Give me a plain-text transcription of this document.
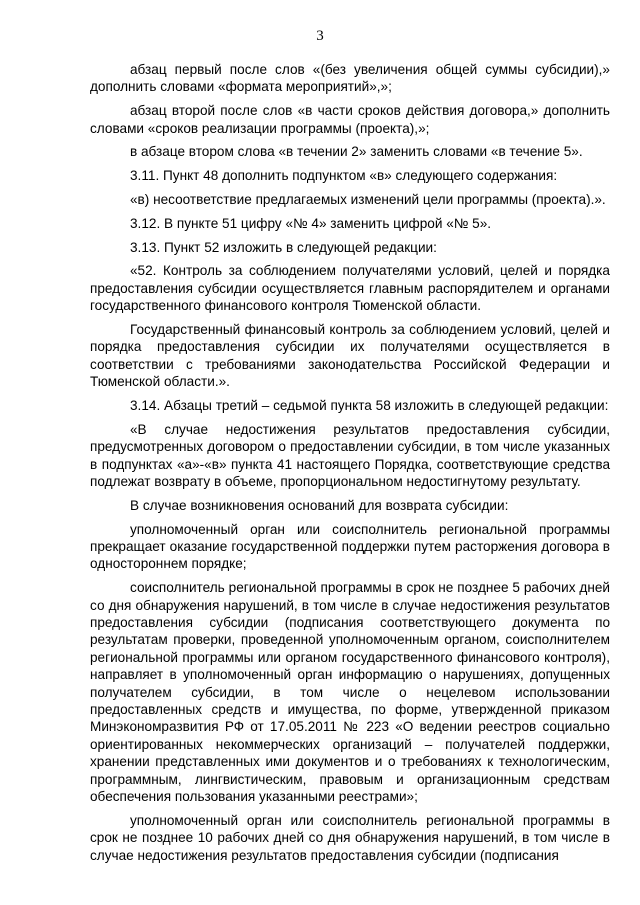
3

абзац первый после слов «(без увеличения общей суммы субсидии),» дополнить словами «формата мероприятий»,»;

абзац второй после слов «в части сроков действия договора,» дополнить словами «сроков реализации программы (проекта),»;

в абзаце втором слова «в течении 2» заменить словами «в течение 5».

3.11. Пункт 48 дополнить подпунктом «в» следующего содержания:

«в) несоответствие предлагаемых изменений цели программы (проекта).».

3.12. В пункте 51 цифру «№ 4» заменить цифрой «№ 5».

3.13. Пункт 52 изложить в следующей редакции:

«52. Контроль за соблюдением получателями условий, целей и порядка предоставления субсидии осуществляется главным распорядителем и органами государственного финансового контроля Тюменской области.

Государственный финансовый контроль за соблюдением условий, целей и порядка предоставления субсидии их получателями осуществляется в соответствии с требованиями законодательства Российской Федерации и Тюменской области.».

3.14. Абзацы третий – седьмой пункта 58 изложить в следующей редакции:

«В случае недостижения результатов предоставления субсидии, предусмотренных договором о предоставлении субсидии, в том числе указанных в подпунктах «а»-«в» пункта 41 настоящего Порядка, соответствующие средства подлежат возврату в объеме, пропорциональном недостигнутому результату.

В случае возникновения оснований для возврата субсидии:

уполномоченный орган или соисполнитель региональной программы прекращает оказание государственной поддержки путем расторжения договора в одностороннем порядке;

соисполнитель региональной программы в срок не позднее 5 рабочих дней со дня обнаружения нарушений, в том числе в случае недостижения результатов предоставления субсидии (подписания соответствующего документа по результатам проверки, проведенной уполномоченным органом, соисполнителем региональной программы или органом государственного финансового контроля), направляет в уполномоченный орган информацию о нарушениях, допущенных получателем субсидии, в том числе о нецелевом использовании предоставленных средств и имущества, по форме, утвержденной приказом Минэкономразвития РФ от 17.05.2011 № 223 «О ведении реестров социально ориентированных некоммерческих организаций – получателей поддержки, хранении представленных ими документов и о требованиях к технологическим, программным, лингвистическим, правовым и организационным средствам обеспечения пользования указанными реестрами»;

уполномоченный орган или соисполнитель региональной программы в срок не позднее 10 рабочих дней со дня обнаружения нарушений, в том числе в случае недостижения результатов предоставления субсидии (подписания
